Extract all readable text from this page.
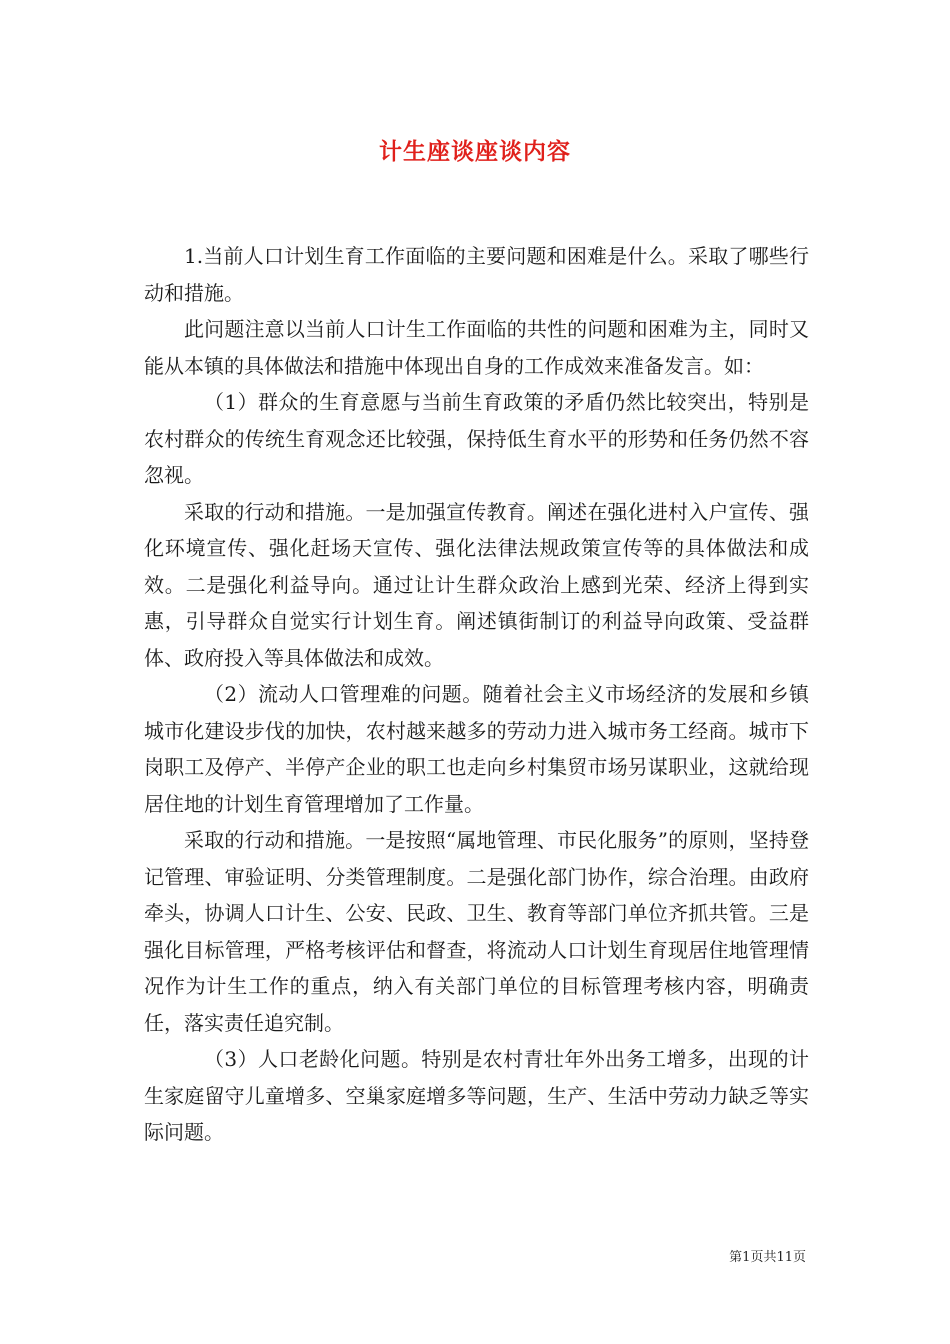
计生座谈座谈内容

1.当前人口计划生育工作面临的主要问题和困难是什么。采取了哪些行动和措施。

此问题注意以当前人口计生工作面临的共性的问题和困难为主，同时又能从本镇的具体做法和措施中体现出自身的工作成效来准备发言。如：

（1）群众的生育意愿与当前生育政策的矛盾仍然比较突出，特别是农村群众的传统生育观念还比较强，保持低生育水平的形势和任务仍然不容忽视。

采取的行动和措施。一是加强宣传教育。阐述在强化进村入户宣传、强化环境宣传、强化赶场天宣传、强化法律法规政策宣传等的具体做法和成效。二是强化利益导向。通过让计生群众政治上感到光荣、经济上得到实惠，引导群众自觉实行计划生育。阐述镇街制订的利益导向政策、受益群体、政府投入等具体做法和成效。

（2）流动人口管理难的问题。随着社会主义市场经济的发展和乡镇城市化建设步伐的加快，农村越来越多的劳动力进入城市务工经商。城市下岗职工及停产、半停产企业的职工也走向乡村集贸市场另谋职业，这就给现居住地的计划生育管理增加了工作量。

采取的行动和措施。一是按照“属地管理、市民化服务”的原则，坚持登记管理、审验证明、分类管理制度。二是强化部门协作，综合治理。由政府牵头，协调人口计生、公安、民政、卫生、教育等部门单位齐抓共管。三是强化目标管理，严格考核评估和督查，将流动人口计划生育现居住地管理情况作为计生工作的重点，纳入有关部门单位的目标管理考核内容，明确责任，落实责任追究制。

（3）人口老龄化问题。特别是农村青壮年外出务工增多，出现的计生家庭留守儿童增多、空巢家庭增多等问题，生产、生活中劳动力缺乏等实际问题。

第1页共11页
